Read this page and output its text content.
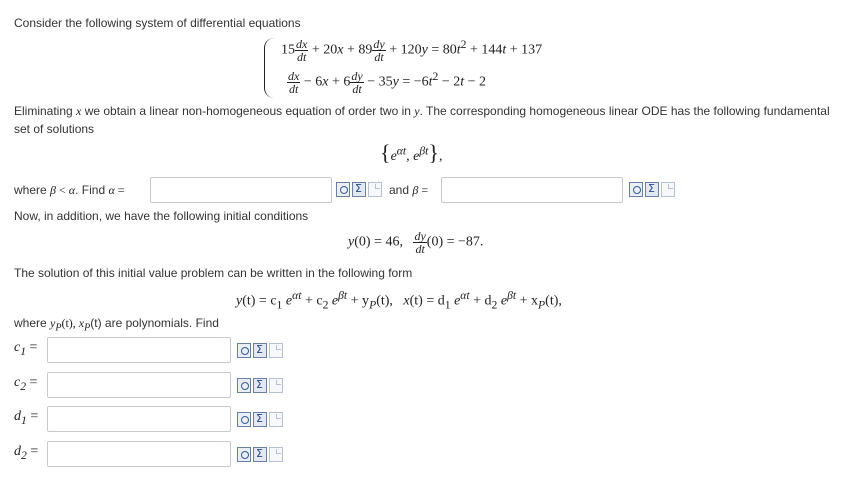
Consider the following system of differential equations
$15 \frac{dx}{dt} + 20x + 89 \frac{dy}{dt} + 120y = 80t^2 + 144t + 137$
$\frac{dx}{dt} - 6x + 6 \frac{dy}{dt} - 35y = -6t^2 - 2t - 2$
Eliminating x we obtain a linear non-homogeneous equation of order two in y. The corresponding homogeneous linear ODE has the following fundamental
set of solutions
{$e^{\alpha t}$, $e^{\beta t}$},
where β < α. Find α =
Σ	and β =
Σ
Now, in addition, we have the following initial conditions
y(0) = 46, $\frac{dy}{dt} (0) = -87$.
The solution of this initial value problem can be written in the following form
$y(t) = c_1$ $e^{\alpha t} + c_2$ $e^{\beta t} + y_P(t)$, $x(t) = d_1$ $e^{\alpha t} + d_2$ $e^{\beta t} + x_P(t)$,
where $y_P(t)$, $x_P(t)$ are polynomials. Find
$c_1$ =
Σ
$c_2$ =
Σ
$d_1$ =
Σ
$d_2$ =
Σ
